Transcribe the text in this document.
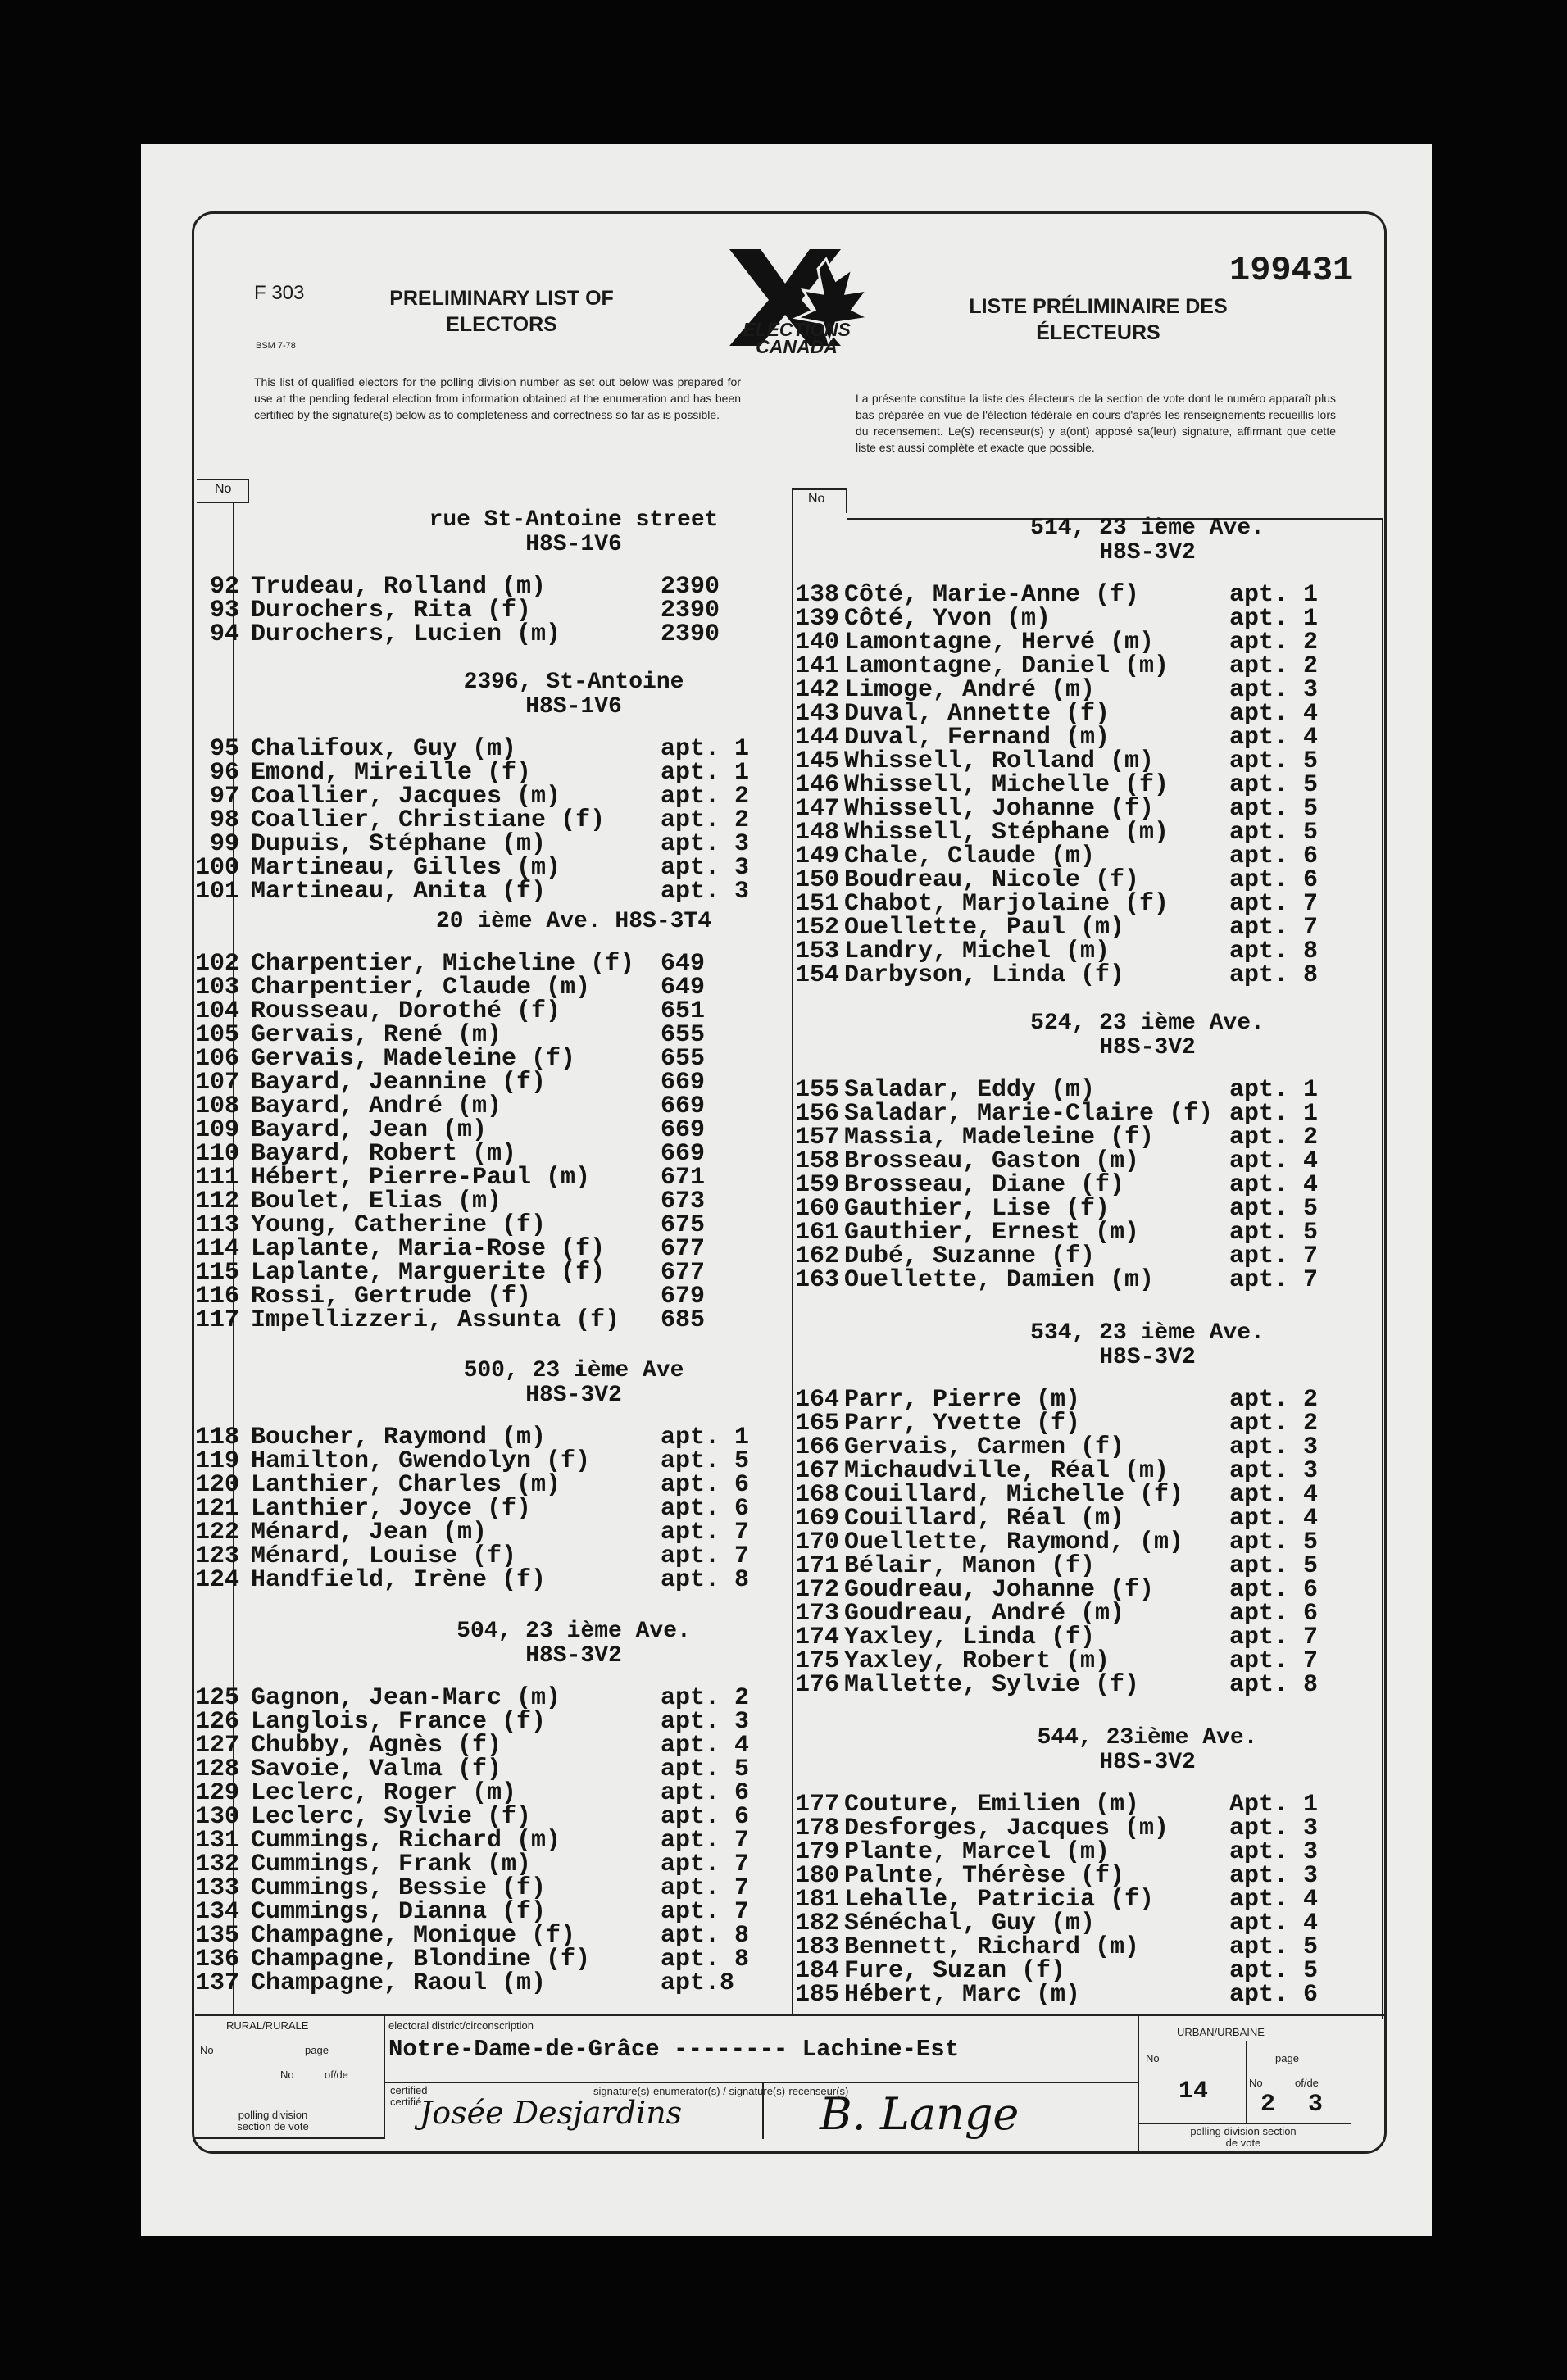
F 303
BSM 7-78
PRELIMINARY LIST OF ELECTORS	ELECTIONS CANADA
199431
LISTE PRÉLIMINAIRE DES ÉLECTEURS
This list of qualified electors for the polling division number as set out below was prepared for use at the pending federal election from information obtained at the enumeration and has been certified by the signature(s) below as to completeness and correctness so far as is possible.
La présente constitue la liste des électeurs de la section de vote dont le numéro apparaît plus bas préparée en vue de l'élection fédérale en cours d'après les renseignements recueillis lors du recensement. Le(s) recenseur(s) y a(ont) apposé sa(leur) signature, affirmant que cette liste est aussi complète et exacte que possible.
No
No
rue St-Antoine street
H8S-1V6
92 Trudeau, Rolland (m)	2390
93 Durochers, Rita (f)	2390
94 Durochers, Lucien (m)	2390
2396, St-Antoine
H8S-1V6
95 Chalifoux, Guy (m)	apt. 1
96 Emond, Mireille (f)	apt. 1
97 Coallier, Jacques (m)	apt. 2
98 Coallier, Christiane (f) apt. 2
99 Dupuis, Stéphane (m)	apt. 3
100 Martineau, Gilles (m)	apt. 3
101 Martineau, Anita (f)	apt. 3
20 ième Ave. H8S-3T4
102 Charpentier, Micheline (f) 649
103 Charpentier, Claude (m)	649
104 Rousseau, Dorothé (f)	651
105 Gervais, René (m)	655
106 Gervais, Madeleine (f)	655
107 Bayard, Jeannine (f)	669
108 Bayard, André (m)	669
109 Bayard, Jean (m)	669
110 Bayard, Robert (m)	669
111 Hébert, Pierre-Paul (m)	671
112 Boulet, Elias (m)	673
113 Young, Catherine (f)	675
114 Laplante, Maria-Rose (f) 677
115 Laplante, Marguerite (f) 677
116 Rossi, Gertrude (f)	679
117 Impellizzeri, Assunta (f) 685
500, 23 ième Ave
H8S-3V2
118 Boucher, Raymond (m)	apt. 1
119 Hamilton, Gwendolyn (f)	apt. 5
120 Lanthier, Charles (m)	apt. 6
121 Lanthier, Joyce (f)	apt. 6
122 Ménard, Jean (m)	apt. 7
123 Ménard, Louise (f)	apt. 7
124 Handfield, Irène (f)	apt. 8
504, 23 ième Ave.
H8S-3V2
125 Gagnon, Jean-Marc (m)	apt. 2
126 Langlois, France (f)	apt. 3
127 Chubby, Agnès (f)	apt. 4
128 Savoie, Valma (f)	apt. 5
129 Leclerc, Roger (m)	apt. 6
130 Leclerc, Sylvie (f)	apt. 6
131 Cummings, Richard (m)	apt. 7
132 Cummings, Frank (m)	apt. 7
133 Cummings, Bessie (f)	apt. 7
134 Cummings, Dianna (f)	apt. 7
135 Champagne, Monique (f)	apt. 8
136 Champagne, Blondine (f)	apt. 8
137 Champagne, Raoul (m)	apt.8
514, 23 ième Ave.
H8S-3V2
138 Côté, Marie-Anne (f)	apt. 1
139 Côté, Yvon (m)	apt. 1
140 Lamontagne, Hervé (m)	apt. 2
141 Lamontagne, Daniel (m) apt. 2
142 Limoge, André (m)	apt. 3
143 Duval, Annette (f)	apt. 4
144 Duval, Fernand (m)	apt. 4
145 Whissell, Rolland (m)	apt. 5
146 Whissell, Michelle (f) apt. 5
147 Whissell, Johanne (f)	apt. 5
148 Whissell, Stéphane (m) apt. 5
149 Chale, Claude (m)	apt. 6
150 Boudreau, Nicole (f)	apt. 6
151 Chabot, Marjolaine (f) apt. 7
152 Ouellette, Paul (m)	apt. 7
153 Landry, Michel (m)	apt. 8
154 Darbyson, Linda (f)	apt. 8
524, 23 ième Ave.
H8S-3V2
155 Saladar, Eddy (m)	apt. 1
156 Saladar, Marie-Claire (f) apt. 1
157 Massia, Madeleine (f)	apt. 2
158 Brosseau, Gaston (m)	apt. 4
159 Brosseau, Diane (f)	apt. 4
160 Gauthier, Lise (f)	apt. 5
161 Gauthier, Ernest (m)	apt. 5
162 Dubé, Suzanne (f)	apt. 7
163 Ouellette, Damien (m)	apt. 7
534, 23 ième Ave.
H8S-3V2
164 Parr, Pierre (m)	apt. 2
165 Parr, Yvette (f)	apt. 2
166 Gervais, Carmen (f)	apt. 3
167 Michaudville, Réal (m) apt. 3
168 Couillard, Michelle (f) apt. 4
169 Couillard, Réal (m)	apt. 4
170 Ouellette, Raymond, (m) apt. 5
171 Bélair, Manon (f)	apt. 5
172 Goudreau, Johanne (f)	apt. 6
173 Goudreau, André (m)	apt. 6
174 Yaxley, Linda (f)	apt. 7
175 Yaxley, Robert (m)	apt. 7
176 Mallette, Sylvie (f)	apt. 8
544, 23ième Ave.
H8S-3V2
177 Couture, Emilien (m)	Apt. 1
178 Desforges, Jacques (m) apt. 3
179 Plante, Marcel (m)	apt. 3
180 Palnte, Thérèse (f)	apt. 3
181 Lehalle, Patricia (f)	apt. 4
182 Sénéchal, Guy (m)	apt. 4
183 Bennett, Richard (m)	apt. 5
184 Fure, Suzan (f)	apt. 5
185 Hébert, Marc (m)	apt. 6
RURAL/RURALE
No	page
No	of/de
polling division section de vote
electoral district/circonscription
Notre-Dame-de-Grâce -------- Lachine-Est
certified certifié
signature(s)-enumerator(s) / signature(s)-recenseur(s)
Josée Desjardins	B. Lange
URBAN/URBAINE
No	page
No	of/de
14 2 3
polling division section de vote
